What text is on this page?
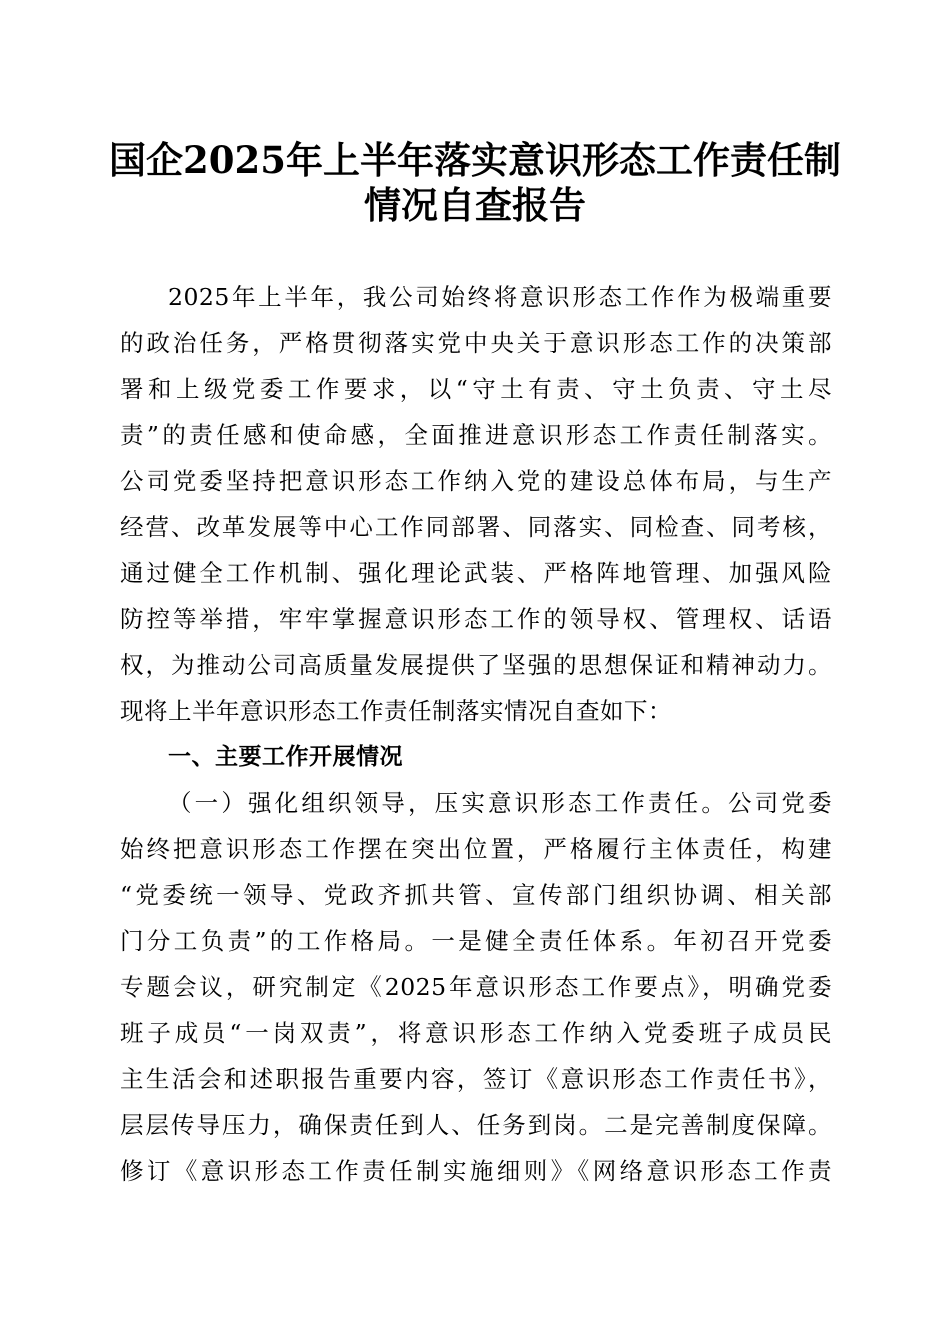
国企2025年上半年落实意识形态工作责任制
情况自查报告

2025年上半年，我公司始终将意识形态工作作为极端重要

的政治任务，严格贯彻落实党中央关于意识形态工作的决策部

署和上级党委工作要求，以“守土有责、守土负责、守土尽

责”的责任感和使命感，全面推进意识形态工作责任制落实。

公司党委坚持把意识形态工作纳入党的建设总体布局，与生产

经营、改革发展等中心工作同部署、同落实、同检查、同考核，

通过健全工作机制、强化理论武装、严格阵地管理、加强风险

防控等举措，牢牢掌握意识形态工作的领导权、管理权、话语

权，为推动公司高质量发展提供了坚强的思想保证和精神动力。

现将上半年意识形态工作责任制落实情况自查如下：

一、主要工作开展情况

（一）强化组织领导，压实意识形态工作责任。公司党委

始终把意识形态工作摆在突出位置，严格履行主体责任，构建

“党委统一领导、党政齐抓共管、宣传部门组织协调、相关部

门分工负责”的工作格局。一是健全责任体系。年初召开党委

专题会议，研究制定《2025年意识形态工作要点》，明确党委

班子成员“一岗双责”，将意识形态工作纳入党委班子成员民

主生活会和述职报告重要内容，签订《意识形态工作责任书》，

层层传导压力，确保责任到人、任务到岗。二是完善制度保障。

修订《意识形态工作责任制实施细则》《网络意识形态工作责
